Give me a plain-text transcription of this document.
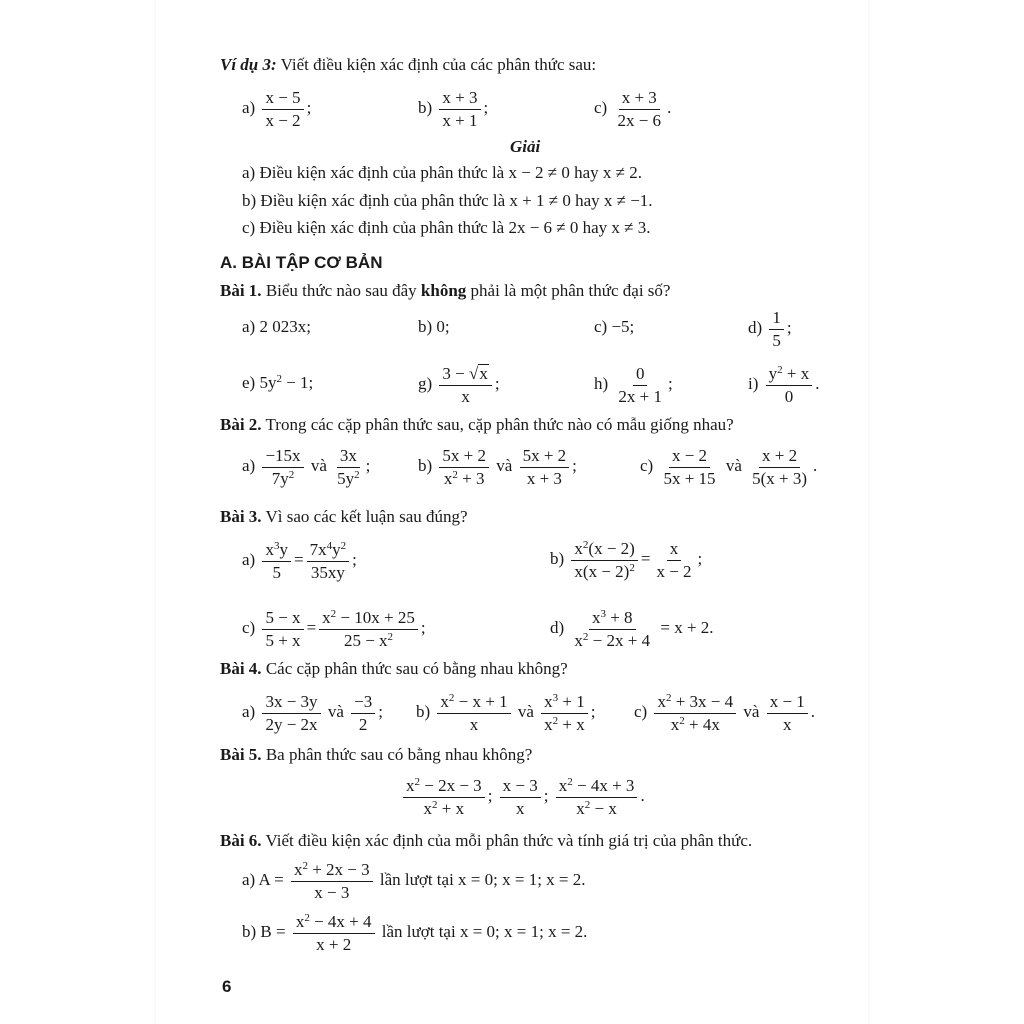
Ví dụ 3: Viết điều kiện xác định của các phân thức sau:
$a) \frac{x - 5}{x - 2}$ ;	$b) \frac{x + 3}{x + 1}$ ;	$c) \frac{x + 3}{2x - 6}$ .
Giải
a) Điều kiện xác định của phân thức là x − 2 ≠ 0 hay x ≠ 2.
b) Điều kiện xác định của phân thức là x + 1 ≠ 0 hay x ≠ −1.
c) Điều kiện xác định của phân thức là 2x − 6 ≠ 0 hay x ≠ 3.
A. BÀI TẬP CƠ BẢN
Bài 1. Biểu thức nào sau đây không phải là một phân thức đại số?
a) 2 023x;	b) 0;	c) −5;	$d) \frac{1}{5}$ ;
e) $5y^2 - 1$;	$g) \frac{3 - √x}{x}$ ;	$h) \frac{0}{2x + 1}$ ;	$i) \frac{y^2 + x}{0}$ .
Bài 2. Trong các cặp phân thức sau, cặp phân thức nào có mẫu giống nhau?
$a) \frac{-15x}{7y^2}$ và $\frac{3x}{5y^2}$ ;	$b) \frac{5x + 2}{x^2 + 3}$ và $\frac{5x + 2}{x + 3}$ ;	$c) \frac{x - 2}{5x + 15}$ và $\frac{x + 2}{5(x + 3)}$ .
Bài 3. Vì sao các kết luận sau đúng?
$a) \frac{x^3y}{5} = \frac{7x^4y^2}{35xy}$ ;	$b) \frac{x^2(x - 2)}{x(x - 2)^2} = \frac{x}{x - 2}$ ;
$c) \frac{5 - x}{5 + x} = \frac{x^2 - 10x + 25}{25 - x^2}$ ;	$d) \frac{x^3 + 8}{x^2 - 2x + 4} = x + 2$.
Bài 4. Các cặp phân thức sau có bằng nhau không?
$a) \frac{3x - 3y}{2y - 2x}$ và $\frac{-3}{2}$ ; $b) \frac{x^2 - x + 1}{x}$ và $\frac{x^3 + 1}{x^2 + x}$ ; $c) \frac{x^2 + 3x - 4}{x^2 + 4x}$ và $\frac{x - 1}{x}$ .
Bài 5. Ba phân thức sau có bằng nhau không?
$\frac{x^2 - 2x - 3}{x^2 + x}$ ; $\frac{x - 3}{x}$ ; $\frac{x^2 - 4x + 3}{x^2 - x}$ .
Bài 6. Viết điều kiện xác định của mỗi phân thức và tính giá trị của phân thức.
a) $A = \frac{x^2 + 2x - 3}{x - 3}$ lần lượt tại x = 0; x = 1; x = 2.
b) $B = \frac{x^2 - 4x + 4}{x + 2}$ lần lượt tại x = 0; x = 1; x = 2.
6
